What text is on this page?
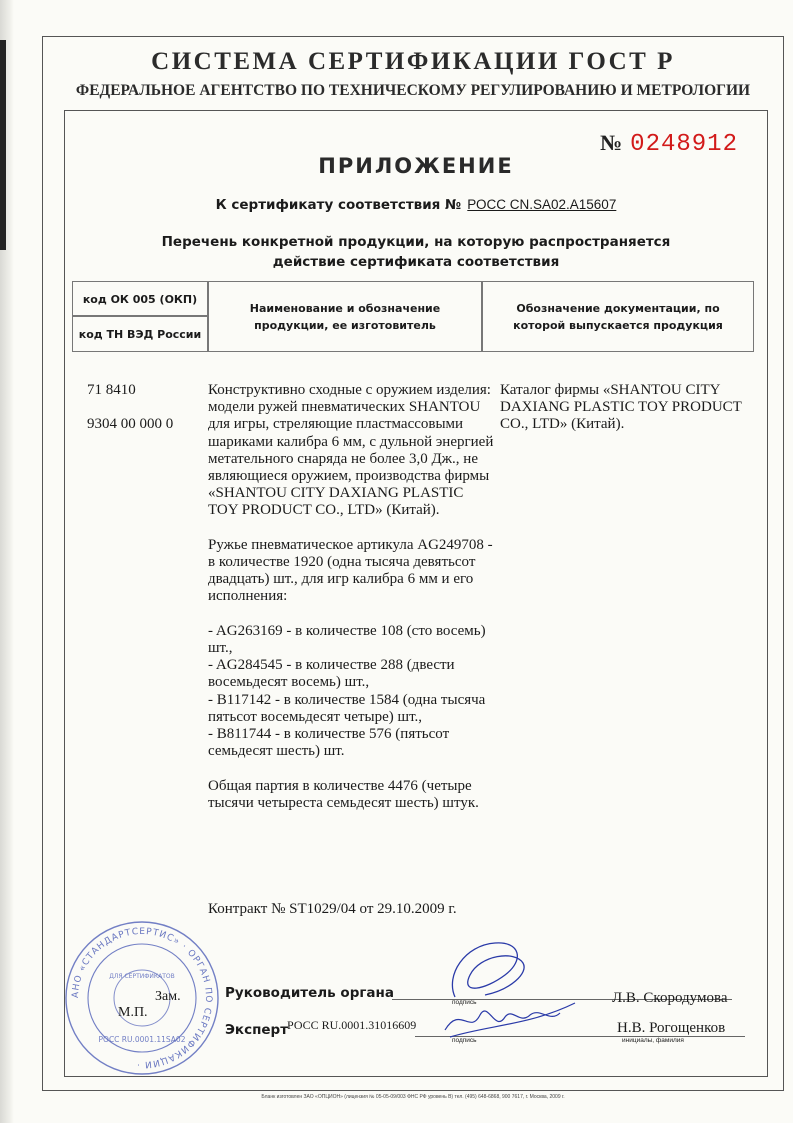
СИСТЕМА СЕРТИФИКАЦИИ ГОСТ Р
ФЕДЕРАЛЬНОЕ АГЕНТСТВО ПО ТЕХНИЧЕСКОМУ РЕГУЛИРОВАНИЮ И МЕТРОЛОГИИ
№ 0248912
ПРИЛОЖЕНИЕ
К сертификату соответствия № РОСС CN.SA02.A15607
Перечень конкретной продукции, на которую распространяется
действие сертификата соответствия
код ОК 005 (ОКП)
код ТН ВЭД России
Наименование и обозначение продукции, ее изготовитель
Обозначение документации, по которой выпускается продукция
71 8410
9304 00 000 0

Конструктивно сходные с оружием изделия: модели ружей пневматических SHANTOU для игры, стреляющие пластмассовыми шариками калибра 6 мм, с дульной энергией метательного снаряда не более 3,0 Дж., не являющиеся оружием, производства фирмы «SHANTOU CITY DAXIANG PLASTIC TOY PRODUCT CO., LTD» (Китай).

Ружье пневматическое артикула AG249708 - в количестве 1920 (одна тысяча девятьсот двадцать) шт., для игр калибра 6 мм и его исполнения:

- AG263169 - в количестве 108 (сто восемь) шт.,

- AG284545 - в количестве 288 (двести восемьдесят восемь) шт.,

- B117142 - в количестве 1584 (одна тысяча пятьсот восемьдесят четыре) шт.,

- B811744 - в количестве 576 (пятьсот семьдесят шесть) шт.

Общая партия в количестве 4476 (четыре тысячи четыреста семьдесят шесть) штук.

Контракт № ST1029/04 от 29.10.2009 г.
Каталог фирмы «SHANTOU CITY DAXIANG PLASTIC TOY PRODUCT CO., LTD» (Китай).
АНО «СТАНДАРТСЕРТИС» · ОРГАН ПО СЕРТИФИКАЦИИ ·
ДЛЯ СЕРТИФИКАТОВ
РОСС RU.0001.11SA02
Зам.
М.П.
Руководитель органа
подпись	Л.В. Скородумова
Эксперт
РОСС RU.0001.31016609
подпись	инициалы, фамилия
Н.В. Рогощенков
Бланк изготовлен ЗАО «ОПЦИОН» (лицензия № 05-05-09/003 ФНС РФ уровень В) тел. (495) 648-6868, 900 7617, г. Москва, 2009 г.
